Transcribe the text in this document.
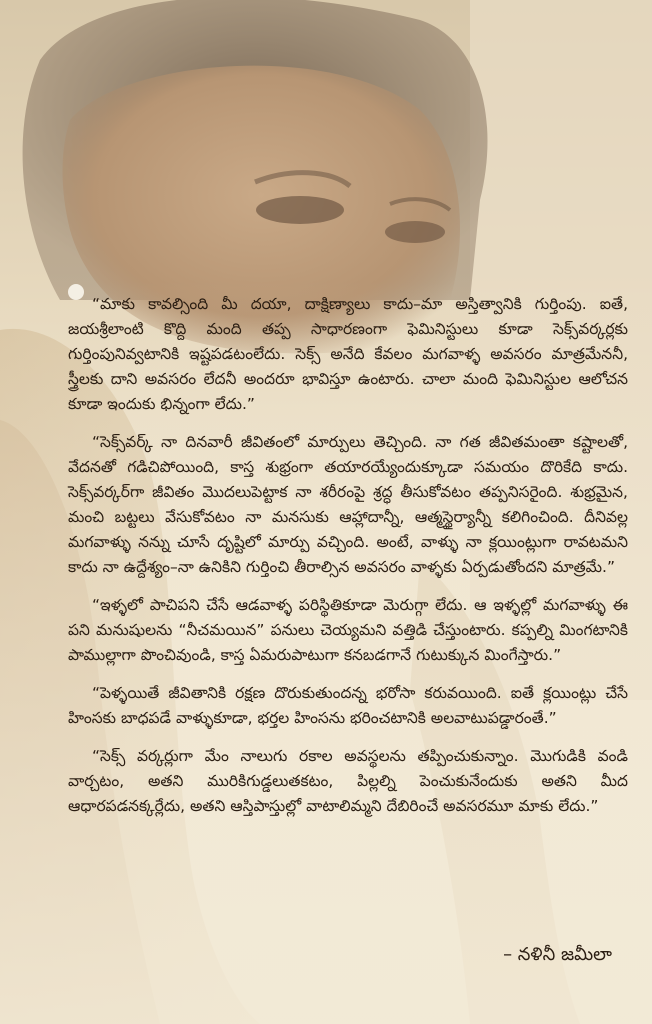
“మాకు కావల్సింది మీ దయా, దాక్షిణ్యాలు కాదు–మా అస్తిత్వానికి గుర్తింపు. ఐతే, జయశ్రీలాంటి కొద్ది మంది తప్ప సాధారణంగా ఫెమినిస్టులు కూడా సెక్స్‌వర్కర్లకు గుర్తింపునివ్వటానికి ఇష్టపడటంలేదు. సెక్స్ అనేది కేవలం మగవాళ్ళ అవసరం మాత్రమేననీ, స్త్రీలకు దాని అవసరం లేదనీ అందరూ భావిస్తూ ఉంటారు. చాలా మంది ఫెమినిస్టుల ఆలోచన కూడా ఇందుకు భిన్నంగా లేదు.”

“సెక్స్‌వర్క్ నా దినవారీ జీవితంలో మార్పులు తెచ్చింది. నా గత జీవితమంతా కష్టాలతో, వేదనతో గడిచిపోయింది, కాస్త శుభ్రంగా తయారయ్యేందుక్కూడా సమయం దొరికేది కాదు. సెక్స్‌వర్కర్‌గా జీవితం మొదలుపెట్టాక నా శరీరంపై శ్రద్ధ తీసుకోవటం తప్పనిసరైంది. శుభ్రమైన, మంచి బట్టలు వేసుకోవటం నా మనసుకు ఆహ్లాదాన్నీ, ఆత్మస్థైర్యాన్నీ కలిగించింది. దీనివల్ల మగవాళ్ళు నన్ను చూసే దృష్టిలో మార్పు వచ్చింది. అంటే, వాళ్ళు నా క్లయింట్లుగా రావటమని కాదు నా ఉద్దేశ్యం–నా ఉనికిని గుర్తించి తీరాల్సిన అవసరం వాళ్ళకు ఏర్పడుతోందని మాత్రమే.”

“ఇళ్ళలో పాచిపని చేసే ఆడవాళ్ళ పరిస్థితికూడా మెరుగ్గా లేదు. ఆ ఇళ్ళల్లో మగవాళ్ళు ఈ పని మనుషులను “నీచమయిన” పనులు చెయ్యమని వత్తిడి చేస్తుంటారు. కప్పల్ని మింగటానికి పాముల్లాగా పొంచివుండి, కాస్త ఏమరుపాటుగా కనబడగానే గుటుక్కున మింగేస్తారు.”

“పెళ్ళయితే జీవితానికి రక్షణ దొరుకుతుందన్న భరోసా కరువయింది. ఐతే క్లయింట్లు చేసే హింసకు బాధపడే వాళ్ళుకూడా, భర్తల హింసను భరించటానికి అలవాటుపడ్డారంతే.”

“సెక్స్ వర్కర్లుగా మేం నాలుగు రకాల అవస్థలను తప్పించుకున్నాం. మొగుడికి వండి వార్చటం, అతని మురికిగుడ్డలుతకటం, పిల్లల్ని పెంచుకునేందుకు అతని మీద ఆధారపడనక్కర్లేదు, అతని ఆస్తిపాస్తుల్లో వాటాలిమ్మని దేబిరించే అవసరమూ మాకు లేదు.”

– నళినీ జమీలా
